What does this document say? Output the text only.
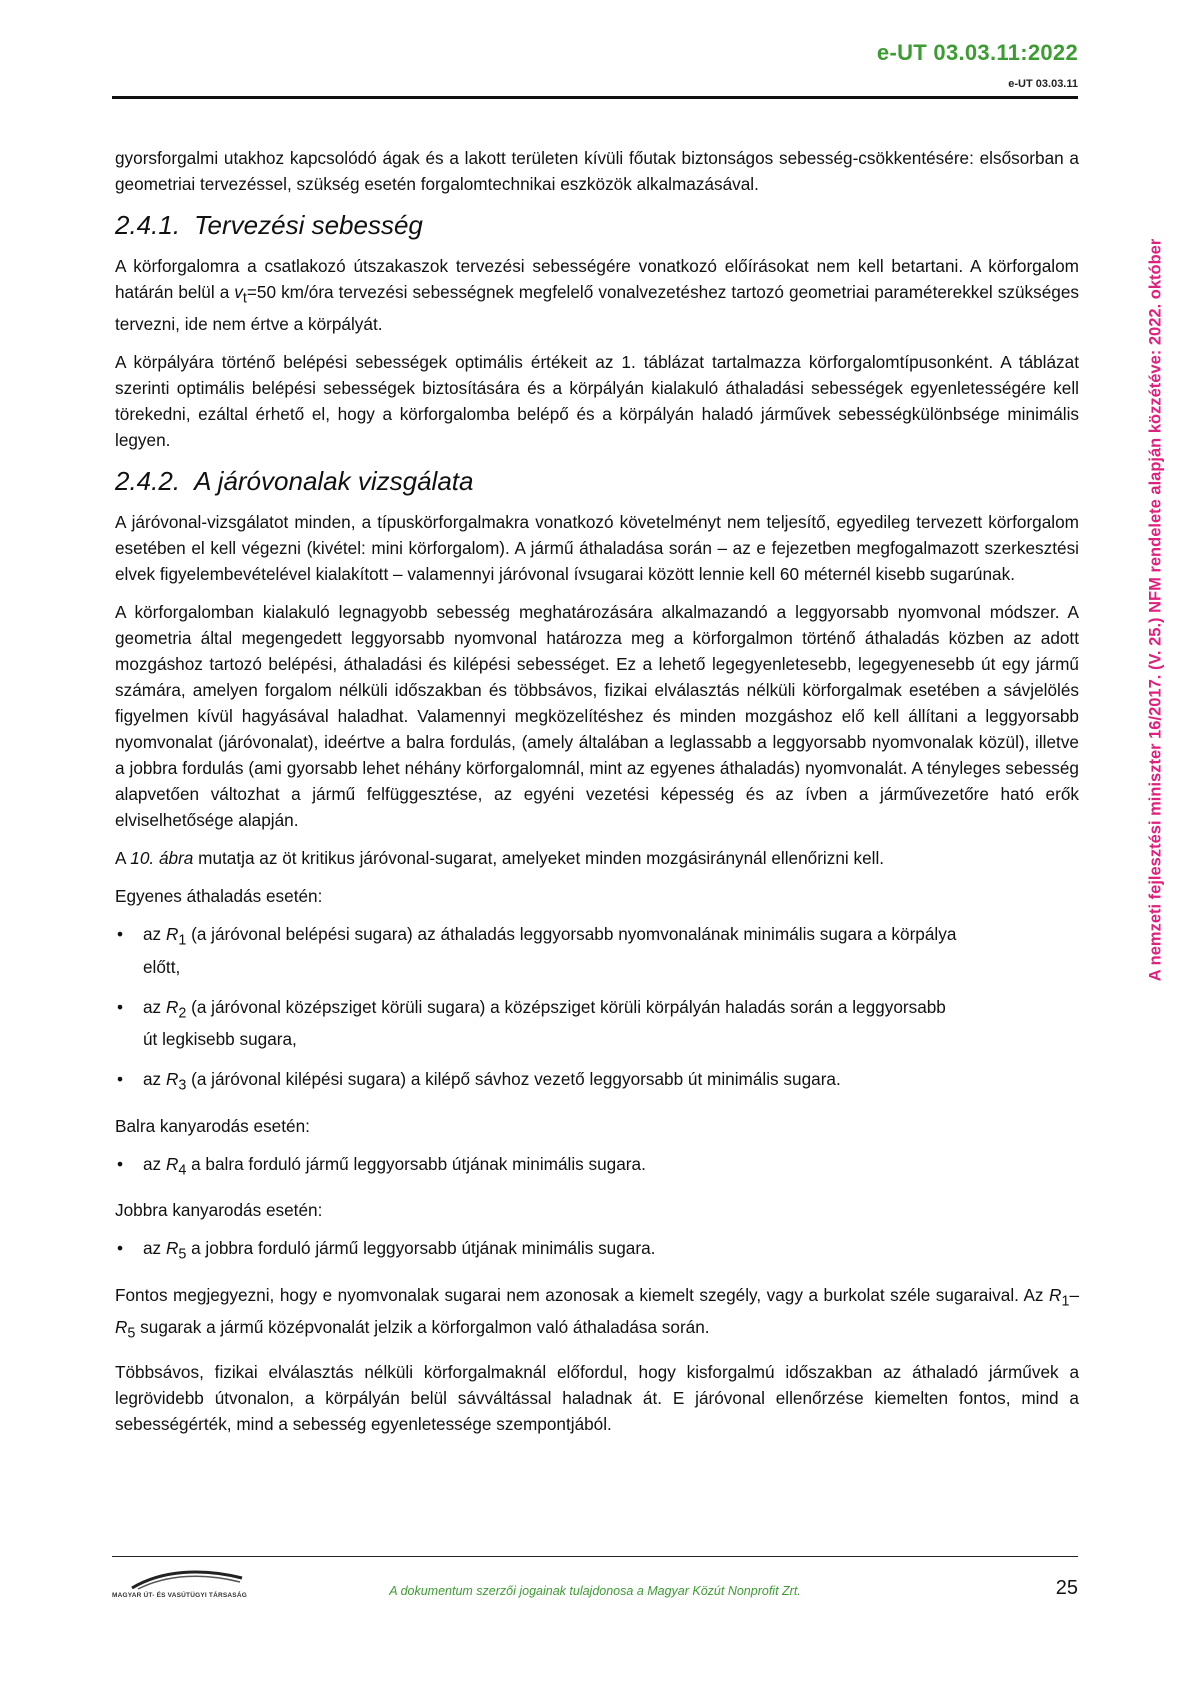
e-UT 03.03.11:2022
e-UT 03.03.11
A nemzeti fejlesztési miniszter 16/2017. (V. 25.) NFM rendelete alapján közzétéve: 2022. október

gyorsforgalmi utakhoz kapcsolódó ágak és a lakott területen kívüli főutak biztonságos sebesség-csökkentésére: elsősorban a geometriai tervezéssel, szükség esetén forgalomtechnikai eszközök alkalmazásával.

2.4.1. Tervezési sebesség

A körforgalomra a csatlakozó útszakaszok tervezési sebességére vonatkozó előírásokat nem kell betartani. A körforgalom határán belül a $v_t=50$ km/óra tervezési sebességnek megfelelő vonalvezetéshez tartozó geometriai paraméterekkel szükséges tervezni, ide nem értve a körpályát.

A körpályára történő belépési sebességek optimális értékeit az 1. táblázat tartalmazza körforgalomtípusonként. A táblázat szerinti optimális belépési sebességek biztosítására és a körpályán kialakuló áthaladási sebességek egyenletességére kell törekedni, ezáltal érhető el, hogy a körforgalomba belépő és a körpályán haladó járművek sebességkülönbsége minimális legyen.

2.4.2. A járóvonalak vizsgálata

A járóvonal-vizsgálatot minden, a típuskörforgalmakra vonatkozó követelményt nem teljesítő, egyedileg tervezett körforgalom esetében el kell végezni (kivétel: mini körforgalom). A jármű áthaladása során – az e fejezetben megfogalmazott szerkesztési elvek figyelembevételével kialakított – valamennyi járóvonal ívsugarai között lennie kell 60 méternél kisebb sugarúnak.

A körforgalomban kialakuló legnagyobb sebesség meghatározására alkalmazandó a leggyorsabb nyomvonal módszer. A geometria által megengedett leggyorsabb nyomvonal határozza meg a körforgalmon történő áthaladás közben az adott mozgáshoz tartozó belépési, áthaladási és kilépési sebességet. Ez a lehető legegyenletesebb, legegyenesebb út egy jármű számára, amelyen forgalom nélküli időszakban és többsávos, fizikai elválasztás nélküli körforgalmak esetében a sávjelölés figyelmen kívül hagyásával haladhat. Valamennyi megközelítéshez és minden mozgáshoz elő kell állítani a leggyorsabb nyomvonalat (járóvonalat), ideértve a balra fordulás, (amely általában a leglassabb a leggyorsabb nyomvonalak közül), illetve a jobbra fordulás (ami gyorsabb lehet néhány körforgalomnál, mint az egyenes áthaladás) nyomvonalát. A tényleges sebesség alapvetően változhat a jármű felfüggesztése, az egyéni vezetési képesség és az ívben a járművezetőre ható erők elviselhetősége alapján.

A 10. ábra mutatja az öt kritikus járóvonal-sugarat, amelyeket minden mozgásiránynál ellenőrizni kell.

Egyenes áthaladás esetén:

• az $R_1$ (a járóvonal belépési sugara) az áthaladás leggyorsabb nyomvonalának minimális sugara a körpálya előtt,
• az $R_2$ (a járóvonal középsziget körüli sugara) a középsziget körüli körpályán haladás során a leggyorsabb út legkisebb sugara,
• az $R_3$ (a járóvonal kilépési sugara) a kilépő sávhoz vezető leggyorsabb út minimális sugara.

Balra kanyarodás esetén:

• az $R_4$ a balra forduló jármű leggyorsabb útjának minimális sugara.

Jobbra kanyarodás esetén:

• az $R_5$ a jobbra forduló jármű leggyorsabb útjának minimális sugara.

Fontos megjegyezni, hogy e nyomvonalak sugarai nem azonosak a kiemelt szegély, vagy a burkolat széle sugaraival. Az $R_1-R_5$ sugarak a jármű középvonalát jelzik a körforgalmon való áthaladása során.

Többsávos, fizikai elválasztás nélküli körforgalmaknál előfordul, hogy kisforgalmú időszakban az áthaladó járművek a legrövidebb útvonalon, a körpályán belül sávváltással haladnak át. E járóvonal ellenőrzése kiemelten fontos, mind a sebességérték, mind a sebesség egyenletessége szempontjából.

MAGYAR ÚT- ÉS VASÚTÜGYI TÁRSASÁG	A dokumentum szerzői jogainak tulajdonosa a Magyar Közút Nonprofit Zrt.	25
